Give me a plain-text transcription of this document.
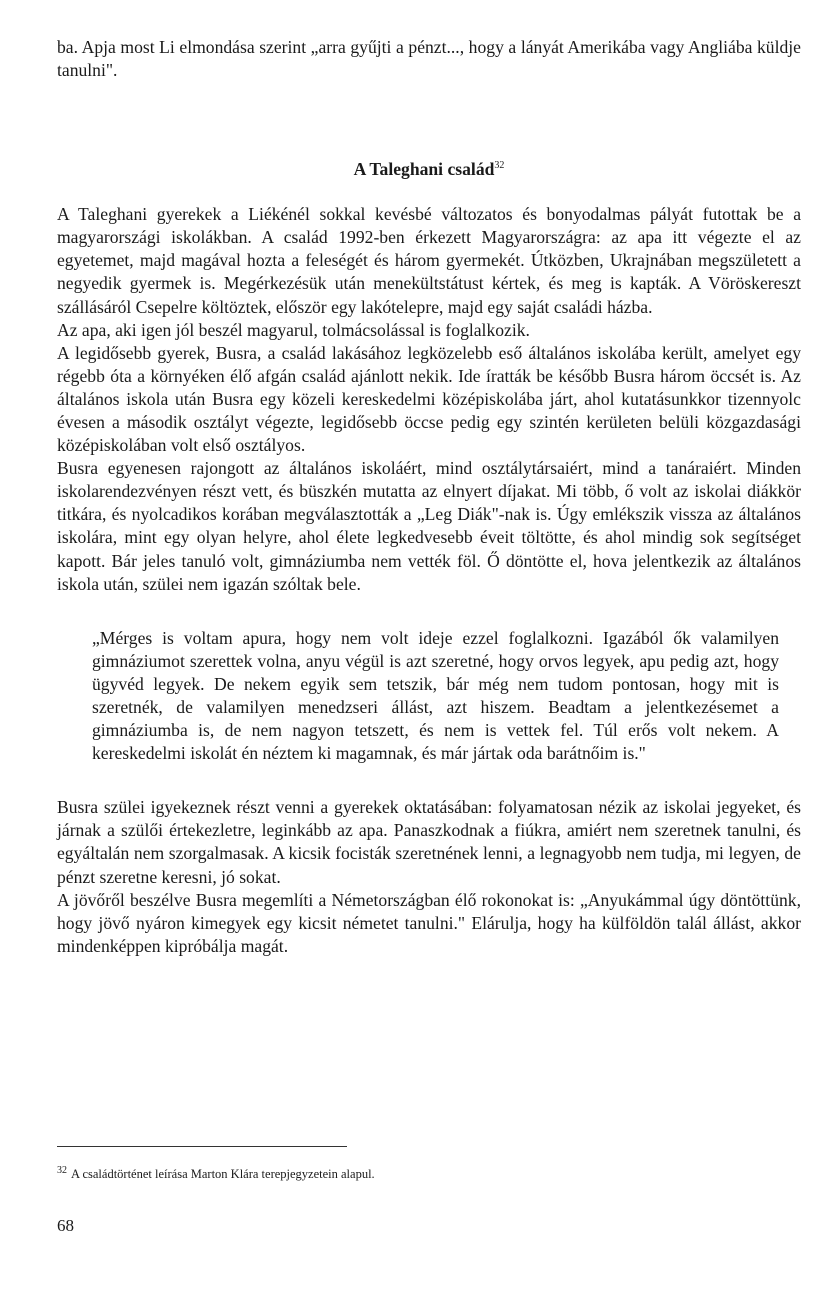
ba. Apja most Li elmondása szerint „arra gyűjti a pénzt..., hogy a lányát Amerikába vagy Angliába küldje tanulni".

A Taleghani család$^{32}$

A Taleghani gyerekek a Liékénél sokkal kevésbé változatos és bonyodalmas pályát futottak be a magyarországi iskolákban. A család 1992-ben érkezett Magyarországra: az apa itt végezte el az egyetemet, majd magával hozta a feleségét és három gyermekét. Útközben, Ukrajnában megszületett a negyedik gyermek is. Megérkezésük után menekültstátust kértek, és meg is kapták. A Vöröskereszt szállásáról Csepelre költöztek, először egy lakótelepre, majd egy saját családi házba.

Az apa, aki igen jól beszél magyarul, tolmácsolással is foglalkozik.

A legidősebb gyerek, Busra, a család lakásához legközelebb eső általános iskolába került, amelyet egy régebb óta a környéken élő afgán család ajánlott nekik. Ide íratták be később Busra három öccsét is. Az általános iskola után Busra egy közeli kereskedelmi középiskolába járt, ahol kutatásunkkor tizennyolc évesen a második osztályt végezte, legidősebb öccse pedig egy szintén kerületen belüli közgazdasági középiskolában volt első osztályos.

Busra egyenesen rajongott az általános iskoláért, mind osztálytársaiért, mind a tanáraiért. Minden iskolarendezvényen részt vett, és büszkén mutatta az elnyert díjakat. Mi több, ő volt az iskolai diákkör titkára, és nyolcadikos korában megválasztották a „Leg Diák"-nak is. Úgy emlékszik vissza az általános iskolára, mint egy olyan helyre, ahol élete legkedvesebb éveit töltötte, és ahol mindig sok segítséget kapott. Bár jeles tanuló volt, gimnáziumba nem vették föl. Ő döntötte el, hova jelentkezik az általános iskola után, szülei nem igazán szóltak bele.

„Mérges is voltam apura, hogy nem volt ideje ezzel foglalkozni. Igazából ők valamilyen gimnáziumot szerettek volna, anyu végül is azt szeretné, hogy orvos legyek, apu pedig azt, hogy ügyvéd legyek. De nekem egyik sem tetszik, bár még nem tudom pontosan, hogy mit is szeretnék, de valamilyen menedzseri állást, azt hiszem. Beadtam a jelentkezésemet a gimnáziumba is, de nem nagyon tetszett, és nem is vettek fel. Túl erős volt nekem. A kereskedelmi iskolát én néztem ki magamnak, és már jártak oda barátnőim is."

Busra szülei igyekeznek részt venni a gyerekek oktatásában: folyamatosan nézik az iskolai jegyeket, és járnak a szülői értekezletre, leginkább az apa. Panaszkodnak a fiúkra, amiért nem szeretnek tanulni, és egyáltalán nem szorgalmasak. A kicsik focisták szeretnének lenni, a legnagyobb nem tudja, mi legyen, de pénzt szeretne keresni, jó sokat.

A jövőről beszélve Busra megemlíti a Németországban élő rokonokat is: „Anyukámmal úgy döntöttünk, hogy jövő nyáron kimegyek egy kicsit németet tanulni." Elárulja, hogy ha külföldön talál állást, akkor mindenképpen kipróbálja magát.

$^{32}$ A családtörténet leírása Marton Klára terepjegyzetein alapul.
68
